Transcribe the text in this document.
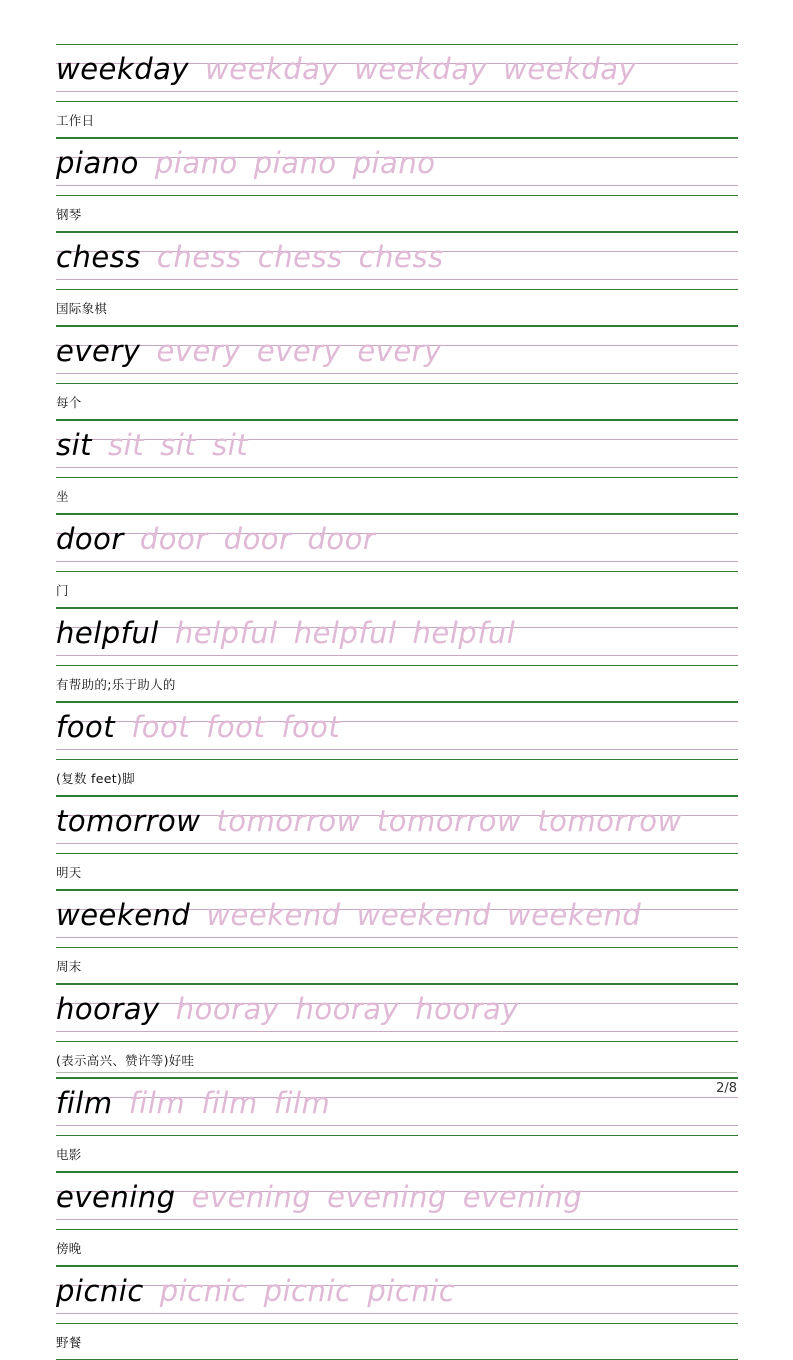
weekday weekday weekday weekday
工作日
piano piano piano piano
钢琴
chess chess chess chess
国际象棋
every every every every
每个
sit sit sit sit
坐
door door door door
门
helpful helpful helpful helpful
有帮助的;乐于助人的
foot foot foot foot
(复数 feet)脚
tomorrow tomorrow tomorrow tomorrow
明天
weekend weekend weekend weekend
周末
hooray hooray hooray hooray
(表示高兴、赞许等)好哇
film film film film
电影
evening evening evening evening
傍晚
picnic picnic picnic picnic
野餐
2/8
